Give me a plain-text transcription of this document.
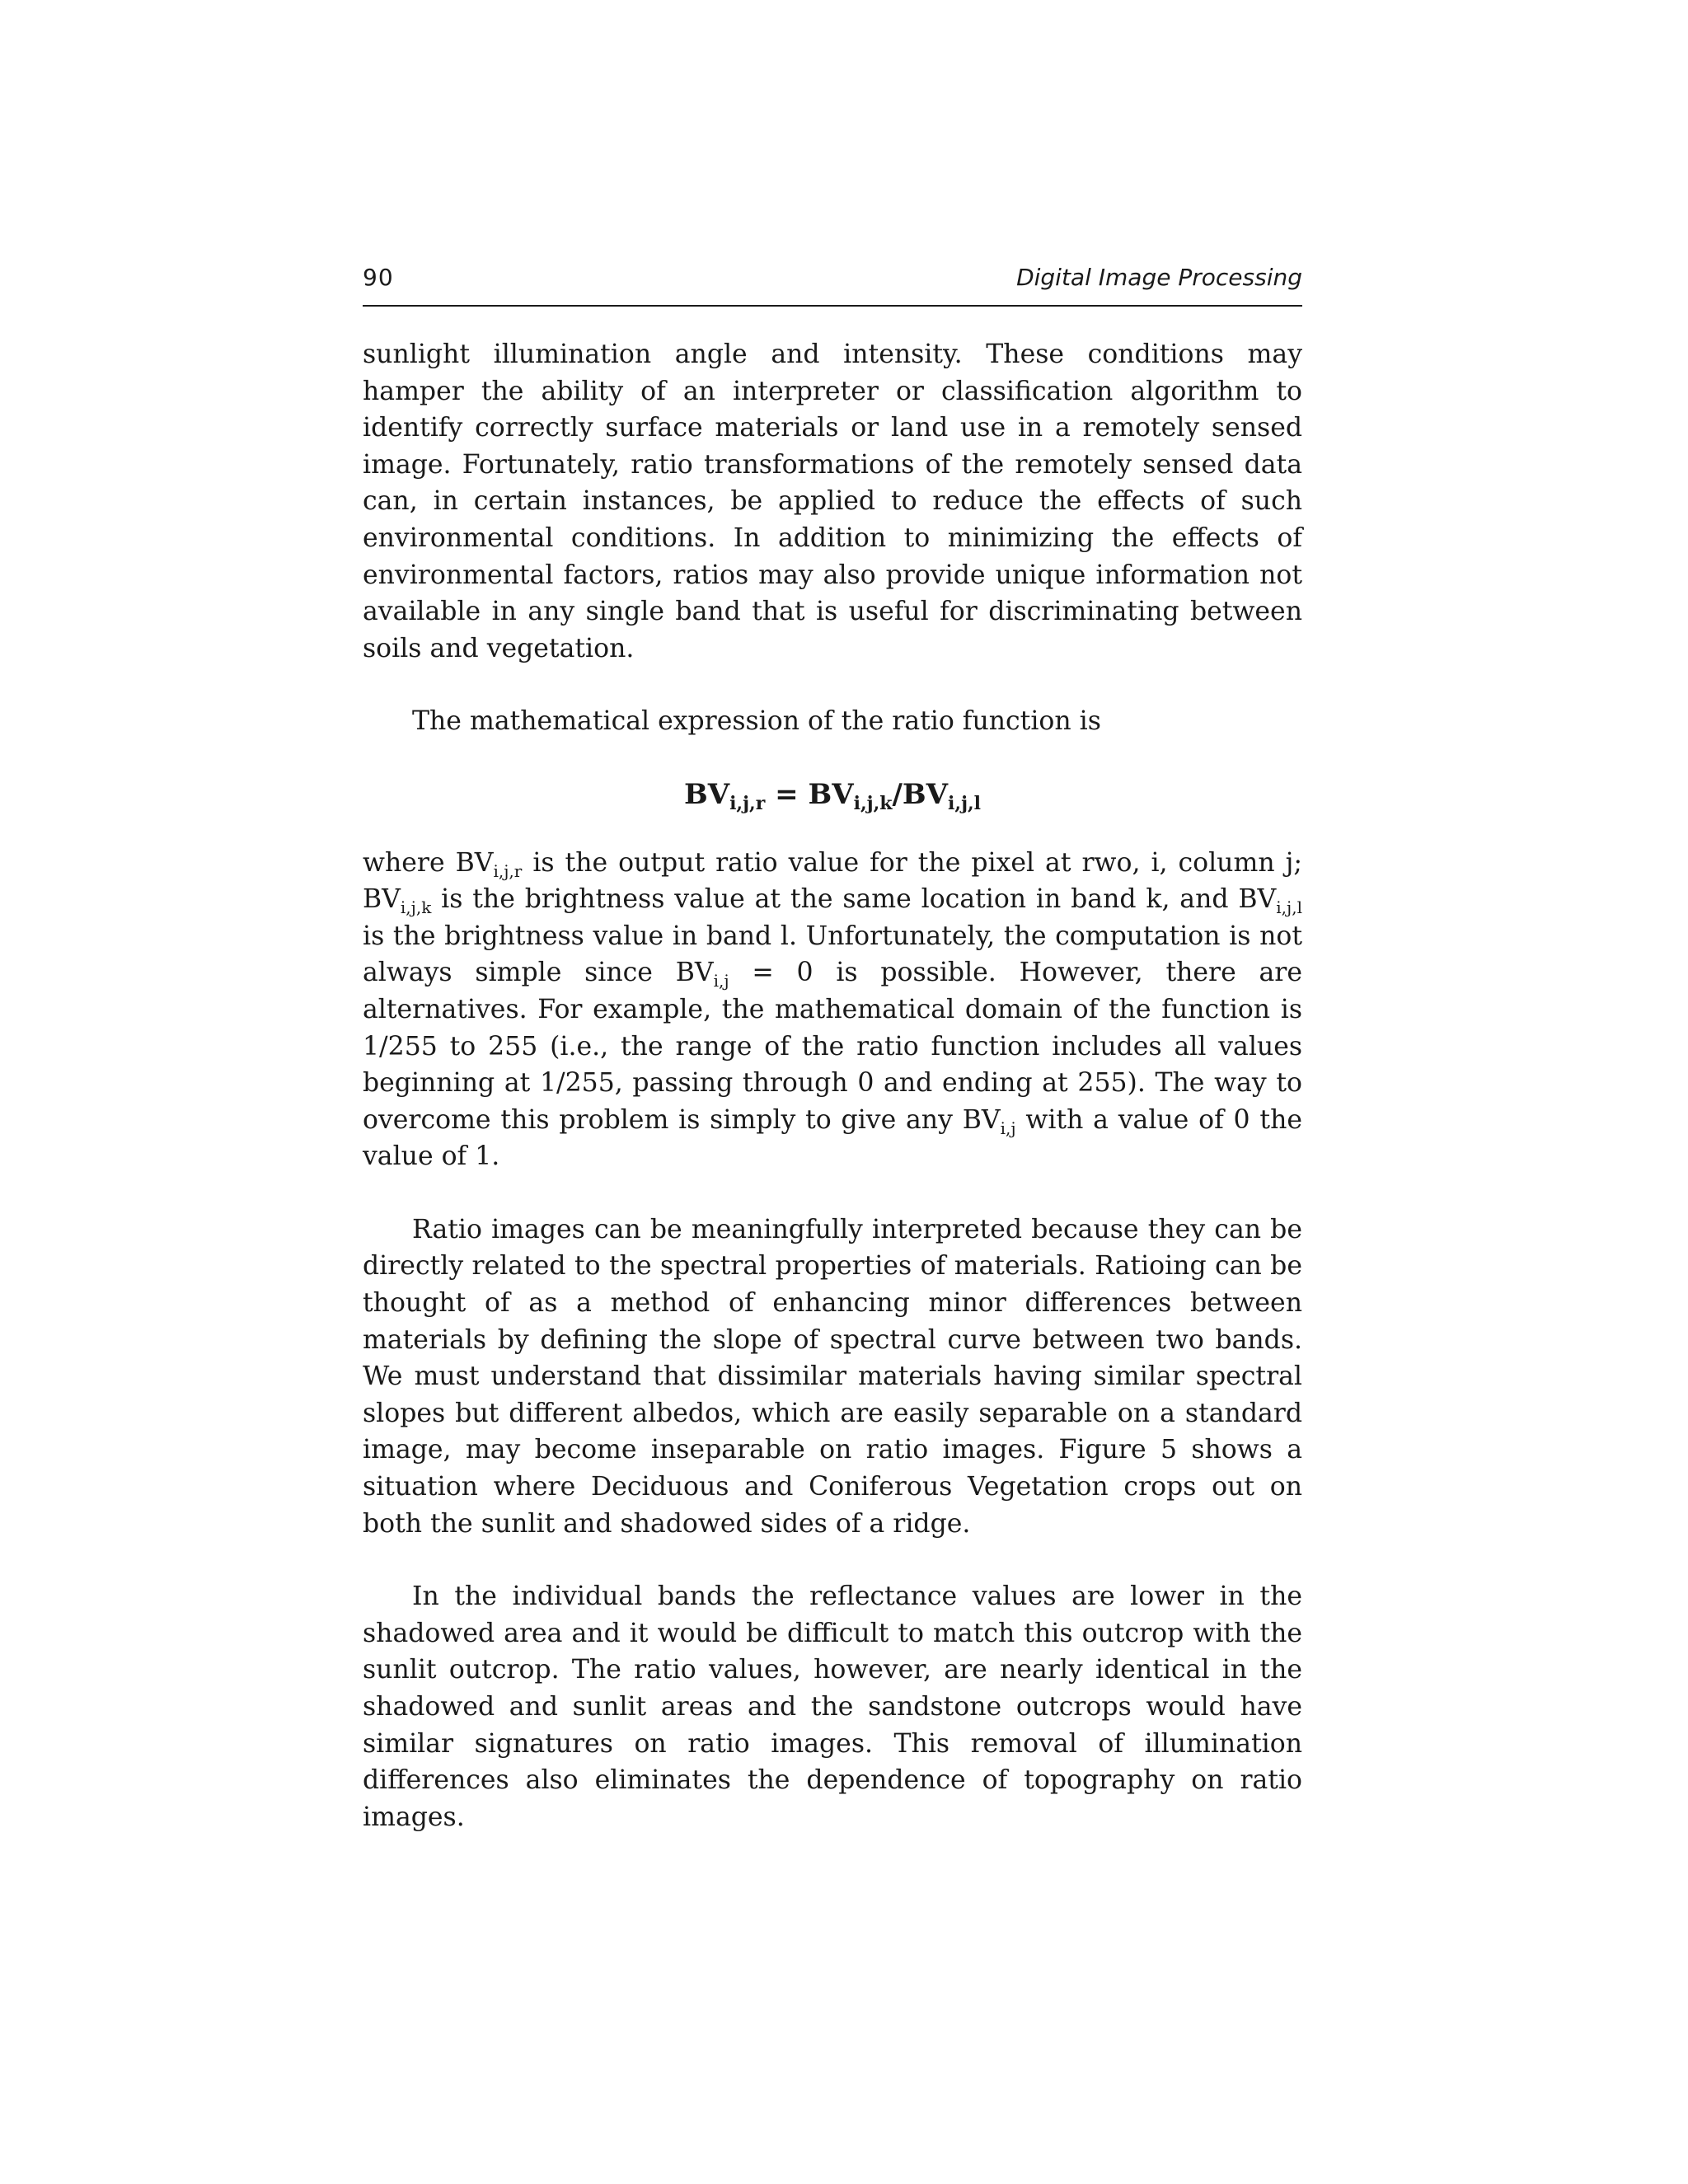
90	Digital Image Processing

sunlight illumination angle and intensity. These conditions may hamper the ability of an interpreter or classification algorithm to identify correctly surface materials or land use in a remotely sensed image. Fortunately, ratio transformations of the remotely sensed data can, in certain instances, be applied to reduce the effects of such environmental conditions. In addition to minimizing the effects of environmental factors, ratios may also provide unique information not available in any single band that is useful for discriminating between soils and vegetation.

The mathematical expression of the ratio function is

$BV_{i,j,r} = BV_{i,j,k}/BV_{i,j,l}$

where $BV_{i,j,r}$ is the output ratio value for the pixel at rwo, i, column j; $BV_{i,j,k}$ is the brightness value at the same location in band k, and $BV_{i,j,l}$ is the brightness value in band l. Unfortunately, the computation is not always simple since $BV_{i,j} = 0$ is possible. However, there are alternatives. For example, the mathematical domain of the function is 1/255 to 255 (i.e., the range of the ratio function includes all values beginning at 1/255, passing through 0 and ending at 255). The way to overcome this problem is simply to give any $BV_{i,j}$ with a value of 0 the value of 1.

Ratio images can be meaningfully interpreted because they can be directly related to the spectral properties of materials. Ratioing can be thought of as a method of enhancing minor differences between materials by defining the slope of spectral curve between two bands. We must understand that dissimilar materials having similar spectral slopes but different albedos, which are easily separable on a standard image, may become inseparable on ratio images. Figure 5 shows a situation where Deciduous and Coniferous Vegetation crops out on both the sunlit and shadowed sides of a ridge.

In the individual bands the reflectance values are lower in the shadowed area and it would be difficult to match this outcrop with the sunlit outcrop. The ratio values, however, are nearly identical in the shadowed and sunlit areas and the sandstone outcrops would have similar signatures on ratio images. This removal of illumination differences also eliminates the dependence of topography on ratio images.
